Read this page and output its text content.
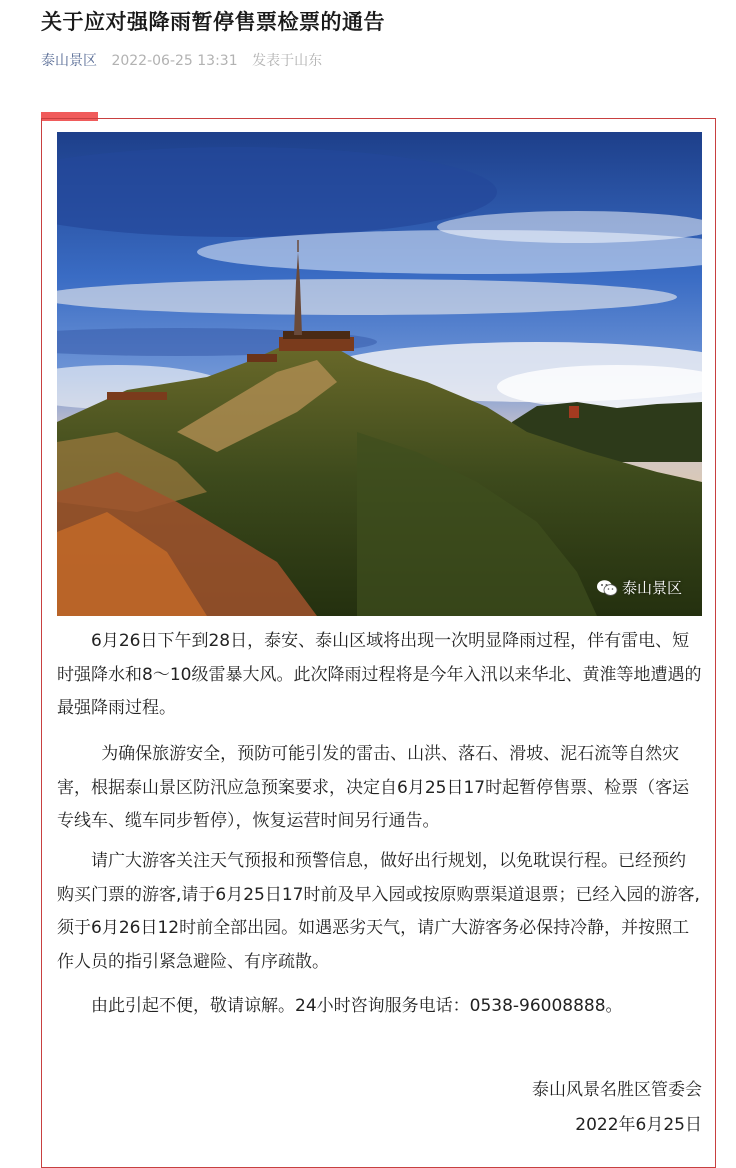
关于应对强降雨暂停售票检票的通告
泰山景区 2022-06-25 13:31 发表于山东
泰山景区

6月26日下午到28日，泰安、泰山区域将出现一次明显降雨过程，伴有雷电、短时强降水和8～10级雷暴大风。此次降雨过程将是今年入汛以来华北、黄淮等地遭遇的最强降雨过程。

为确保旅游安全，预防可能引发的雷击、山洪、落石、滑坡、泥石流等自然灾害，根据泰山景区防汛应急预案要求，决定自6月25日17时起暂停售票、检票（客运专线车、缆车同步暂停），恢复运营时间另行通告。

请广大游客关注天气预报和预警信息，做好出行规划，以免耽误行程。已经预约购买门票的游客,请于6月25日17时前及早入园或按原购票渠道退票；已经入园的游客,须于6月26日12时前全部出园。如遇恶劣天气，请广大游客务必保持冷静，并按照工作人员的指引紧急避险、有序疏散。

由此引起不便，敬请谅解。24小时咨询服务电话：0538-96008888。

泰山风景名胜区管委会

2022年6月25日
